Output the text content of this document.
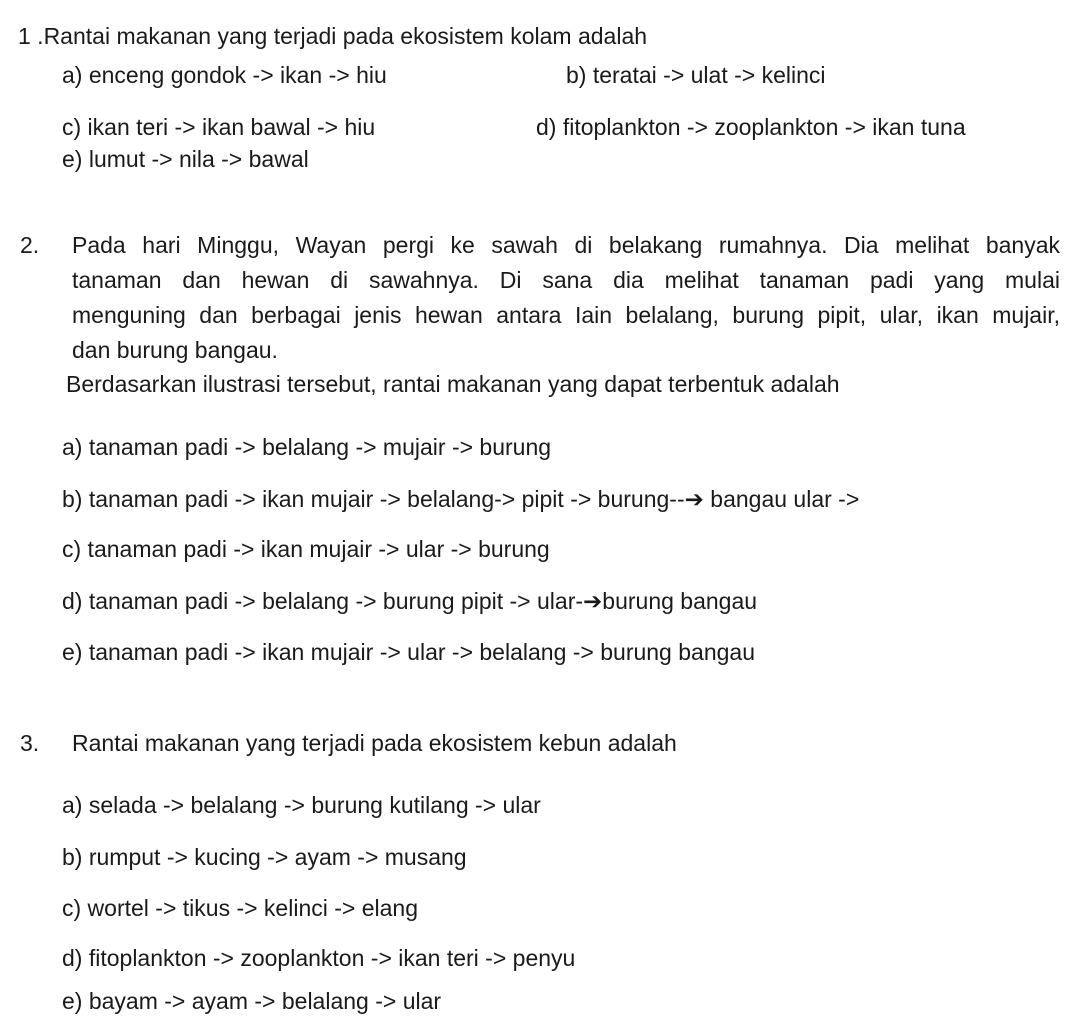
1 .Rantai makanan yang terjadi pada ekosistem kolam adalah
a) enceng gondok -> ikan -> hiu	b) teratai -> ulat -> kelinci
c) ikan teri -> ikan bawal -> hiu	d) fitoplankton -> zooplankton -> ikan tuna
e) lumut -> nila -> bawal
2. Pada hari Minggu, Wayan pergi ke sawah di belakang rumahnya. Dia melihat banyak
tanaman dan hewan di sawahnya. Di sana dia melihat tanaman padi yang mulai
menguning dan berbagai jenis hewan antara Iain belalang, burung pipit, ular, ikan mujair,
dan burung bangau.
Berdasarkan ilustrasi tersebut, rantai makanan yang dapat terbentuk adalah
a) tanaman padi -> belalang -> mujair -> burung
b) tanaman padi -> ikan mujair -> belalang-> pipit -> burung--➔ bangau ular ->
c) tanaman padi -> ikan mujair -> ular -> burung
d) tanaman padi -> belalang -> burung pipit -> ular-➔burung bangau
e) tanaman padi -> ikan mujair -> ular -> belalang -> burung bangau
3. Rantai makanan yang terjadi pada ekosistem kebun adalah
a) selada -> belalang -> burung kutilang -> ular
b) rumput -> kucing -> ayam -> musang
c) wortel -> tikus -> kelinci -> elang
d) fitoplankton -> zooplankton -> ikan teri -> penyu
e) bayam -> ayam -> belalang -> ular
